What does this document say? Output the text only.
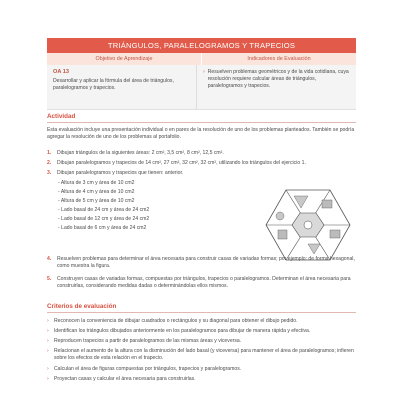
TRIÁNGULOS, PARALELOGRAMOS Y TRAPECIOS
Objetivo de Aprendizaje	Indicadores de Evaluación
OA 13
Desarrollar y aplicar la fórmula del área de triángulos, paralelogramos y trapecios.
› Resuelven problemas geométricos y de la vida cotidiana, cuya resolución requiere calcular áreas de triángulos, paralelogramos y trapecios.
Actividad
Esta evaluación incluye una presentación individual o en pares de la resolución de uno de los problemas planteados. También se podría agregar la resolución de uno de los problemas al portafolio.
1.	Dibujan triángulos de la siguientes áreas: 2 cm², 3,5 cm², 8 cm², 12,5 cm².
2.	Dibujan paralelogramos y trapecios de 14 cm², 27 cm², 32 cm², 32 cm², utilizando los triángulos del ejercicio 1.
3.	Dibujan paralelogramos y trapecios que tienen: anterior.
- Altura de 3 cm y área de 10 cm2
- Altura de 4 cm y área de 10 cm2
- Altura de 5 cm y área de 10 cm2
- Lado basal de 24 cm y área de 24 cm2
- Lado basal de 12 cm y área de 24 cm2
- Lado basal de 6 cm y área de 24 cm2
4.	Resuelven problemas para determinar el área necesaria para construir casas de variadas formas; por ejemplo: de forma hexagonal, como muestra la figura.
5.	Construyen casas de variadas formas, compuestas por triángulos, trapecios o paralelogramos. Determinan el área necesaria para construirlas, considerando medidas dadas o determinándolas ellos mismos.
Criterios de evaluación
›	Reconocen la conveniencia de dibujar cuadrados o rectángulos y su diagonal para obtener el dibujo pedido.
›	Identifican los triángulos dibujados anteriormente en los paralelogramos para dibujar de manera rápida y efectiva.
›	Reproducen trapecios a partir de paralelogramos de las mismas áreas y viceversa.
›	Relacionan el aumento de la altura con la disminución del lado basal (y viceversa) para mantener el área de paralelogramos; infieren sobre los efectos de esta relación en el trapecio.
›	Calculan el área de figuras compuestas por triángulos, trapecios y paralelogramos.
›	Proyectan casas y calcular el área necesaria para construirlas.
